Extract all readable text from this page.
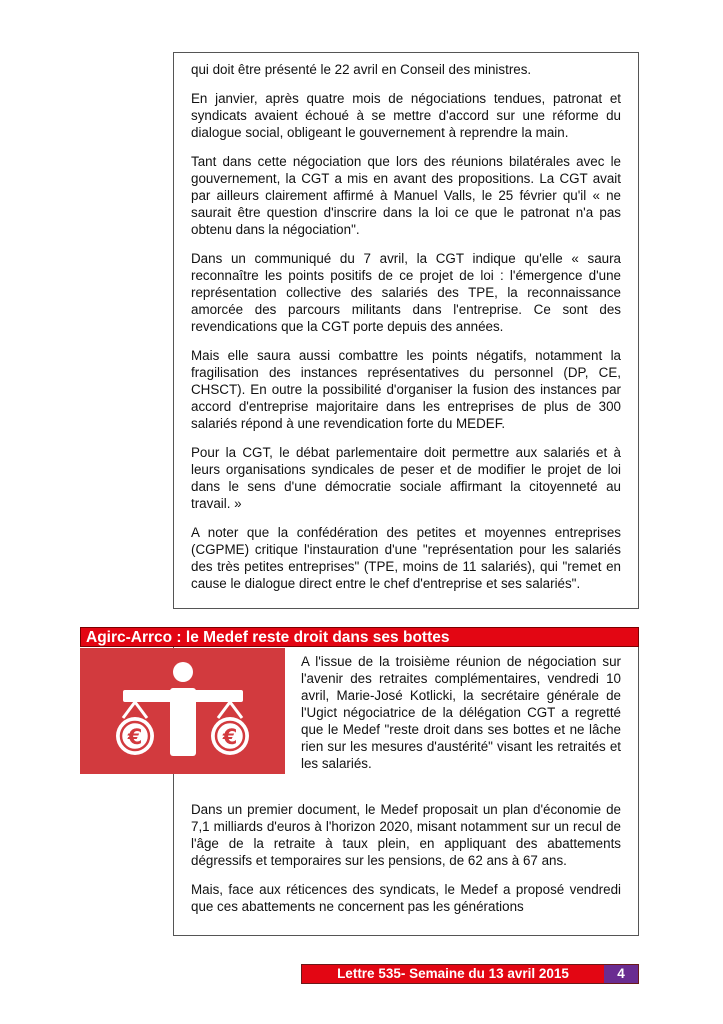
qui doit être présenté le 22 avril en Conseil des ministres.

En janvier, après quatre mois de négociations tendues, patronat et syndicats avaient échoué à se mettre d'accord sur une réforme du dialogue social, obligeant le gouvernement à reprendre la main.

Tant dans cette négociation que lors des réunions bilatérales avec le gouvernement, la CGT a mis en avant des propositions. La CGT avait par ailleurs clairement affirmé à Manuel Valls, le 25 février qu'il « ne saurait être question d'inscrire dans la loi ce que le patronat n'a pas obtenu dans la négociation".

Dans un communiqué du 7 avril, la CGT indique qu'elle « saura reconnaître les points positifs de ce projet de loi : l'émergence d'une représentation collective des salariés des TPE, la reconnaissance amorcée des parcours militants dans l'entreprise. Ce sont des revendications que la CGT porte depuis des années.

Mais elle saura aussi combattre les points négatifs, notamment la fragilisation des instances représentatives du personnel (DP, CE, CHSCT). En outre la possibilité d'organiser la fusion des instances par accord d'entreprise majoritaire dans les entreprises de plus de 300 salariés répond à une revendication forte du MEDEF.

Pour la CGT, le débat parlementaire doit permettre aux salariés et à leurs organisations syndicales de peser et de modifier le projet de loi dans le sens d'une démocratie sociale affirmant la citoyenneté au travail. »

A noter que la confédération des petites et moyennes entreprises (CGPME) critique l'instauration d'une "représentation pour les salariés des très petites entreprises" (TPE, moins de 11 salariés), qui "remet en cause le dialogue direct entre le chef d'entreprise et ses salariés".

A l'issue de la troisième réunion de négociation sur l'avenir des retraites complémentaires, vendredi 10 avril, Marie-José Kotlicki, la secrétaire générale de l'Ugict négociatrice de la délégation CGT a regretté que le Medef "reste droit dans ses bottes et ne lâche rien sur les mesures d'austérité" visant les retraités et les salariés.

Dans un premier document, le Medef proposait un plan d'économie de 7,1 milliards d'euros à l'horizon 2020, misant notamment sur un recul de l'âge de la retraite à taux plein, en appliquant des abattements dégressifs et temporaires sur les pensions, de 62 ans à 67 ans.

Mais, face aux réticences des syndicats, le Medef a proposé vendredi que ces abattements ne concernent pas les générations

€	€
Agirc-Arrco : le Medef reste droit dans ses bottes
Lettre 535- Semaine du 13 avril 2015	4
